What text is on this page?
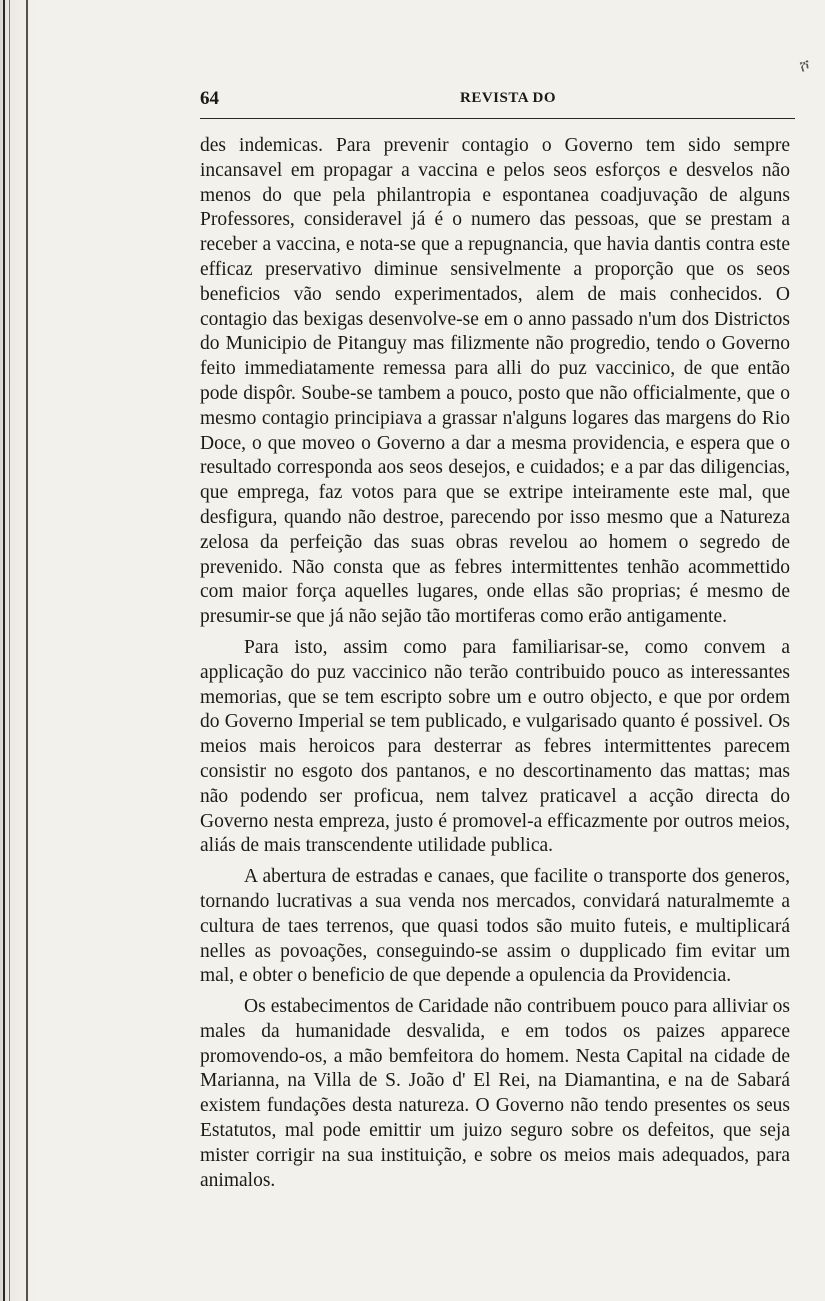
ሾ
64	REVISTA DO

des indemicas. Para prevenir contagio o Governo tem sido sempre incansavel em propagar a vaccina e pelos seos esforços e desvelos não menos do que pela philantropia e espontanea coadjuvação de alguns Professores, consideravel já é o numero das pessoas, que se prestam a receber a vaccina, e nota-se que a repugnancia, que havia dantis contra este efficaz preservativo diminue sensivelmente a proporção que os seos beneficios vão sendo experimentados, alem de mais conhecidos. O contagio das bexigas desenvolve-se em o anno passado n'um dos Districtos do Municipio de Pitanguy mas filizmente não progredio, tendo o Governo feito immediatamente remessa para alli do puz vaccinico, de que então pode dispôr. Soube-se tambem a pouco, posto que não officialmente, que o mesmo contagio principiava a grassar n'alguns logares das margens do Rio Doce, o que moveo o Governo a dar a mesma providencia, e espera que o resultado corresponda aos seos desejos, e cuidados; e a par das diligencias, que emprega, faz votos para que se extripe inteiramente este mal, que desfigura, quando não destroe, parecendo por isso mesmo que a Natureza zelosa da perfeição das suas obras revelou ao homem o segredo de prevenido. Não consta que as febres intermittentes tenhão acommettido com maior força aquelles lugares, onde ellas são proprias; é mesmo de presumir-se que já não sejão tão mortiferas como erão antigamente.

Para isto, assim como para familiarisar-se, como convem a applicação do puz vaccinico não terão contribuido pouco as interessantes memorias, que se tem escripto sobre um e outro objecto, e que por ordem do Governo Imperial se tem publicado, e vulgarisado quanto é possivel. Os meios mais heroicos para desterrar as febres intermittentes parecem consistir no esgoto dos pantanos, e no descortinamento das mattas; mas não podendo ser proficua, nem talvez praticavel a acção directa do Governo nesta empreza, justo é promovel-a efficazmente por outros meios, aliás de mais transcendente utilidade publica.

A abertura de estradas e canaes, que facilite o transporte dos generos, tornando lucrativas a sua venda nos mercados, convidará naturalmemte a cultura de taes terrenos, que quasi todos são muito futeis, e multiplicará nelles as povoações, conseguindo-se assim o dupplicado fim evitar um mal, e obter o beneficio de que depende a opulencia da Providencia.

Os estabecimentos de Caridade não contribuem pouco para alliviar os males da humanidade desvalida, e em todos os paizes apparece promovendo-os, a mão bemfeitora do homem. Nesta Capital na cidade de Marianna, na Villa de S. João d' El Rei, na Diamantina, e na de Sabará existem fundações desta natureza. O Governo não tendo presentes os seus Estatutos, mal pode emittir um juizo seguro sobre os defeitos, que seja mister corrigir na sua instituição, e sobre os meios mais adequados, para animalos.
